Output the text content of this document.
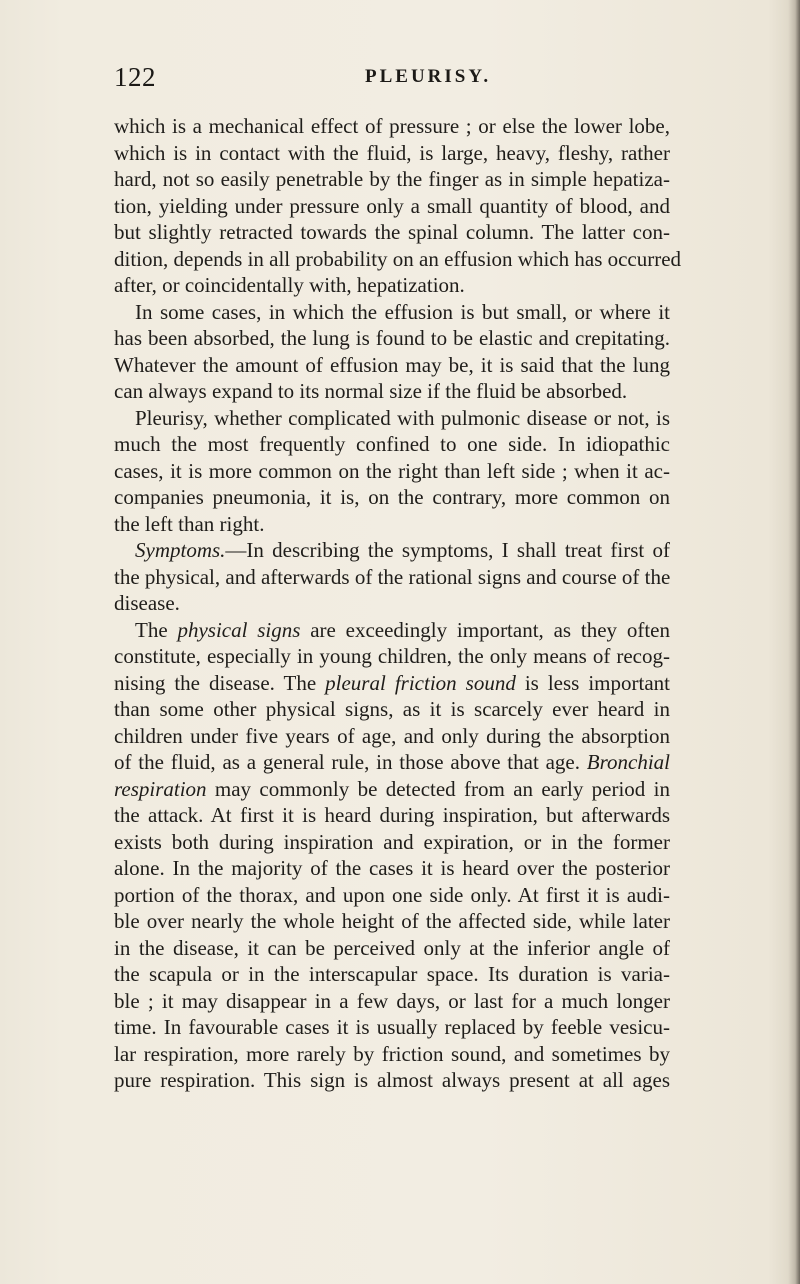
122	PLEURISY.
which is a mechanical effect of pressure ; or else the lower lobe,
which is in contact with the fluid, is large, heavy, fleshy, rather
hard, not so easily penetrable by the finger as in simple hepatiza-
tion, yielding under pressure only a small quantity of blood, and
but slightly retracted towards the spinal column. The latter con-
dition, depends in all probability on an effusion which has occurred
after, or coincidentally with, hepatization.
In some cases, in which the effusion is but small, or where it
has been absorbed, the lung is found to be elastic and crepitating.
Whatever the amount of effusion may be, it is said that the lung
can always expand to its normal size if the fluid be absorbed.
Pleurisy, whether complicated with pulmonic disease or not, is
much the most frequently confined to one side. In idiopathic
cases, it is more common on the right than left side ; when it ac-
companies pneumonia, it is, on the contrary, more common on
the left than right.
Symptoms.—In describing the symptoms, I shall treat first of
the physical, and afterwards of the rational signs and course of the
disease.
The physical signs are exceedingly important, as they often
constitute, especially in young children, the only means of recog-
nising the disease. The pleural friction sound is less important
than some other physical signs, as it is scarcely ever heard in
children under five years of age, and only during the absorption
of the fluid, as a general rule, in those above that age. Bronchial
respiration may commonly be detected from an early period in
the attack. At first it is heard during inspiration, but afterwards
exists both during inspiration and expiration, or in the former
alone. In the majority of the cases it is heard over the posterior
portion of the thorax, and upon one side only. At first it is audi-
ble over nearly the whole height of the affected side, while later
in the disease, it can be perceived only at the inferior angle of
the scapula or in the interscapular space. Its duration is varia-
ble ; it may disappear in a few days, or last for a much longer
time. In favourable cases it is usually replaced by feeble vesicu-
lar respiration, more rarely by friction sound, and sometimes by
pure respiration. This sign is almost always present at all ages
